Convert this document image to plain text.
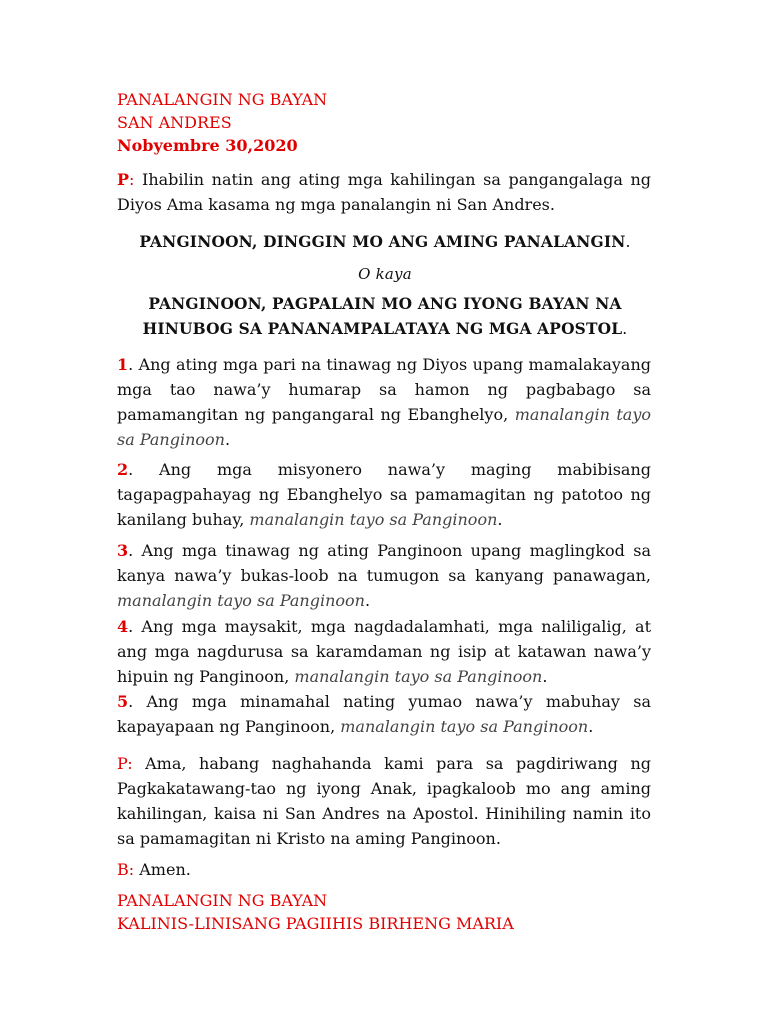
PANALANGIN NG BAYAN
SAN ANDRES
Nobyembre 30,2020
P: Ihabilin natin ang ating mga kahilingan sa pangangalaga ng Diyos Ama kasama ng mga panalangin ni San Andres.
PANGINOON, DINGGIN MO ANG AMING PANALANGIN.
O kaya
PANGINOON, PAGPALAIN MO ANG IYONG BAYAN NA HINUBOG SA PANANAMPALATAYA NG MGA APOSTOL.
1. Ang ating mga pari na tinawag ng Diyos upang mamalakayang mga tao nawa’y humarap sa hamon ng pagbabago sa pamamangitan ng pangangaral ng Ebanghelyo, manalangin tayo sa Panginoon.
2. Ang mga misyonero nawa’y maging mabibisang tagapagpahayag ng Ebanghelyo sa pamamagitan ng patotoo ng kanilang buhay, manalangin tayo sa Panginoon.
3. Ang mga tinawag ng ating Panginoon upang maglingkod sa kanya nawa’y bukas-loob na tumugon sa kanyang panawagan, manalangin tayo sa Panginoon.
4. Ang mga maysakit, mga nagdadalamhati, mga naliligalig, at ang mga nagdurusa sa karamdaman ng isip at katawan nawa’y hipuin ng Panginoon, manalangin tayo sa Panginoon.
5. Ang mga minamahal nating yumao nawa’y mabuhay sa kapayapaan ng Panginoon, manalangin tayo sa Panginoon.
P: Ama, habang naghahanda kami para sa pagdiriwang ng Pagkakatawang-tao ng iyong Anak, ipagkaloob mo ang aming kahilingan, kaisa ni San Andres na Apostol. Hinihiling namin ito sa pamamagitan ni Kristo na aming Panginoon.
B: Amen.
PANALANGIN NG BAYAN
KALINIS-LINISANG PAGIIHIS BIRHENG MARIA
